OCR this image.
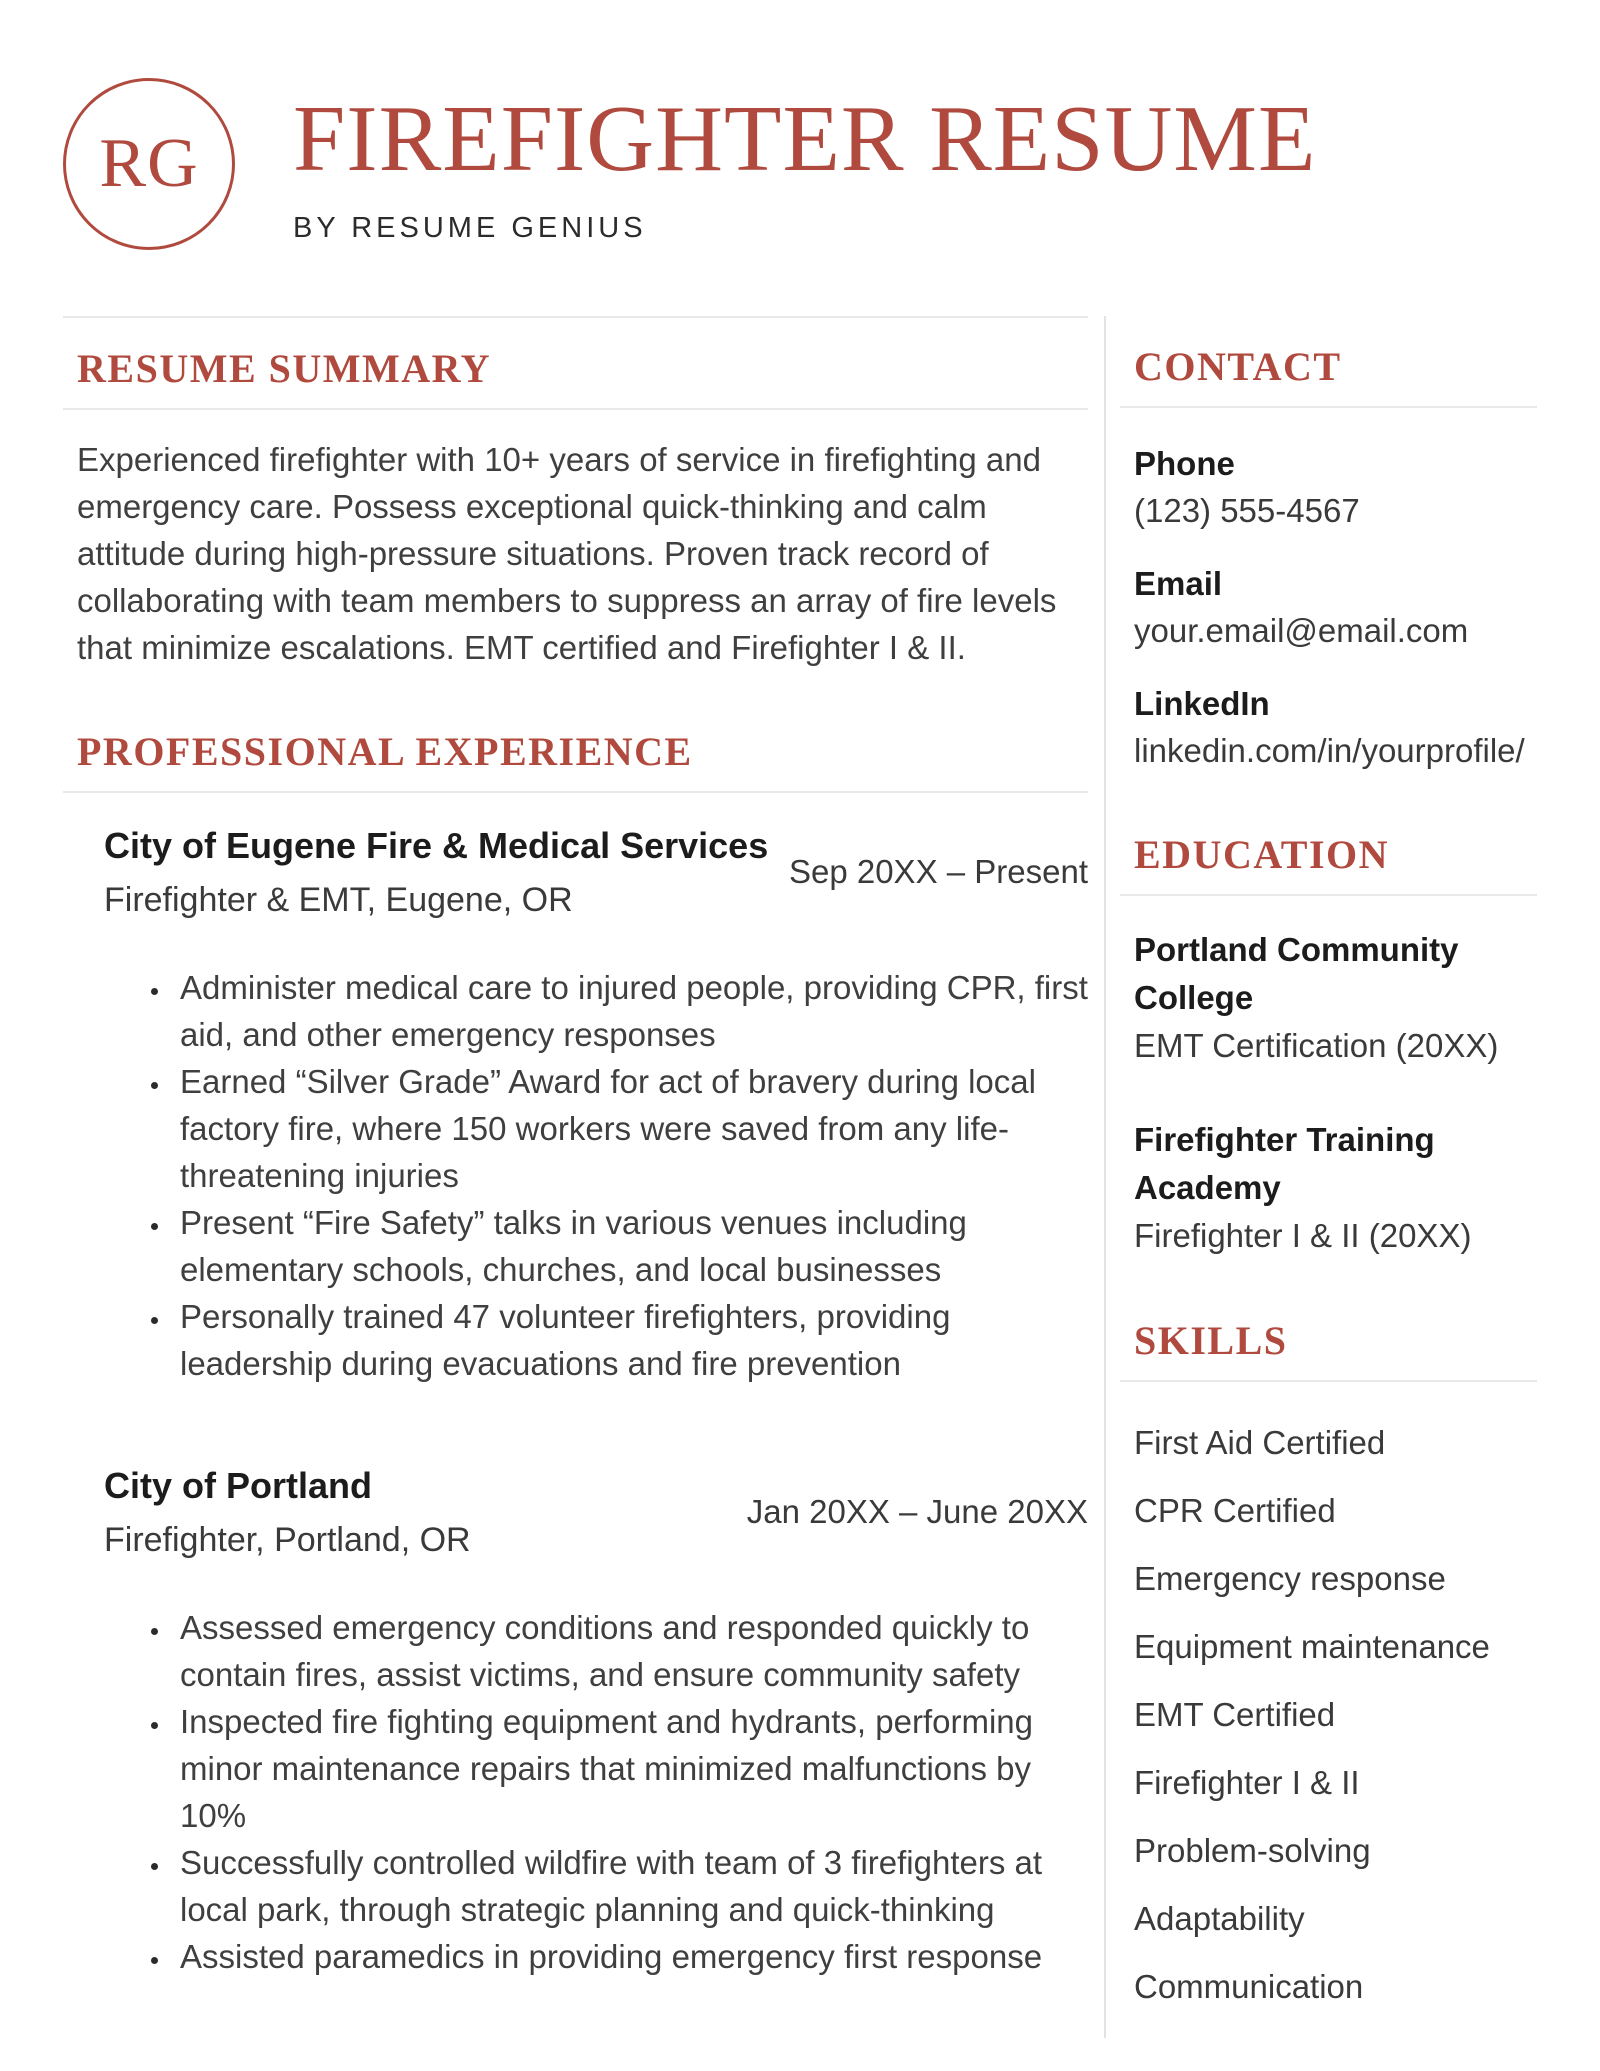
RG FIREFIGHTER RESUME
BY RESUME GENIUS
RESUME SUMMARY

Experienced firefighter with 10+ years of service in firefighting and emergency care. Possess exceptional quick-thinking and calm attitude during high-pressure situations. Proven track record of collaborating with team members to suppress an array of fire levels that minimize escalations. EMT certified and Firefighter I & II.

PROFESSIONAL EXPERIENCE
City of Eugene Fire & Medical Services
Firefighter & EMT, Eugene, OR
Sep 20XX – Present
• Administer medical care to injured people, providing CPR, first aid, and other emergency responses
• Earned “Silver Grade” Award for act of bravery during local factory fire, where 150 workers were saved from any life-threatening injuries
• Present “Fire Safety” talks in various venues including elementary schools, churches, and local businesses
• Personally trained 47 volunteer firefighters, providing leadership during evacuations and fire prevention
City of Portland
Firefighter, Portland, OR
Jan 20XX – June 20XX
• Assessed emergency conditions and responded quickly to contain fires, assist victims, and ensure community safety
• Inspected fire fighting equipment and hydrants, performing minor maintenance repairs that minimized malfunctions by 10%
• Successfully controlled wildfire with team of 3 firefighters at local park, through strategic planning and quick-thinking
• Assisted paramedics in providing emergency first response
CONTACT
Phone
(123) 555-4567
Email
your.email@email.com
LinkedIn
linkedin.com/in/yourprofile/
EDUCATION
Portland Community College
EMT Certification (20XX)
Firefighter Training Academy
Firefighter I & II (20XX)
SKILLS
First Aid Certified
CPR Certified
Emergency response
Equipment maintenance
EMT Certified
Firefighter I & II
Problem-solving
Adaptability
Communication
